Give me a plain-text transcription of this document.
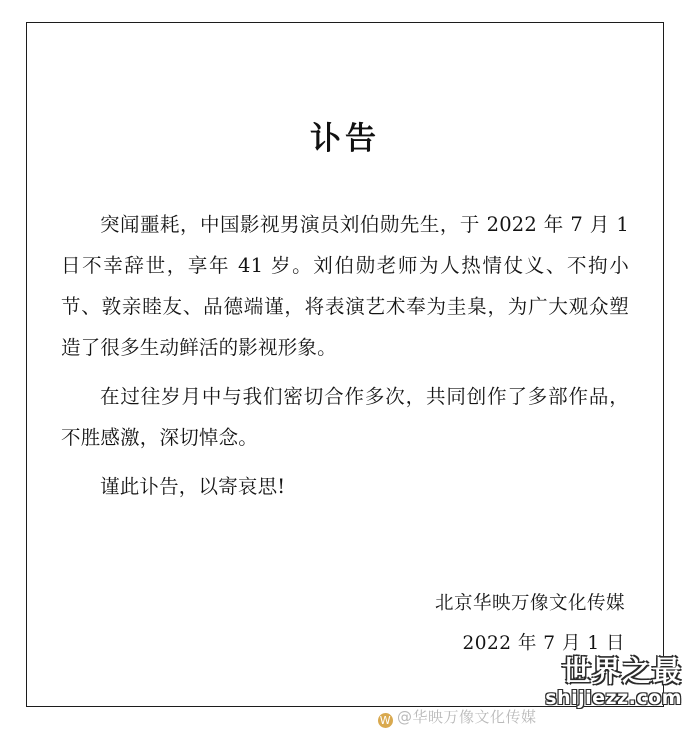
讣告

突闻噩耗，中国影视男演员刘伯勋先生，于 2022 年 7 月 1 日不幸辞世，享年 41 岁。刘伯勋老师为人热情仗义、不拘小节、敦亲睦友、品德端谨，将表演艺术奉为圭臬，为广大观众塑造了很多生动鲜活的影视形象。

在过往岁月中与我们密切合作多次，共同创作了多部作品，不胜感激，深切悼念。

谨此讣告，以寄哀思!

北京华映万像文化传媒
2022 年 7 月 1 日
W @华映万像文化传媒
世界之最
shijiezz.com
